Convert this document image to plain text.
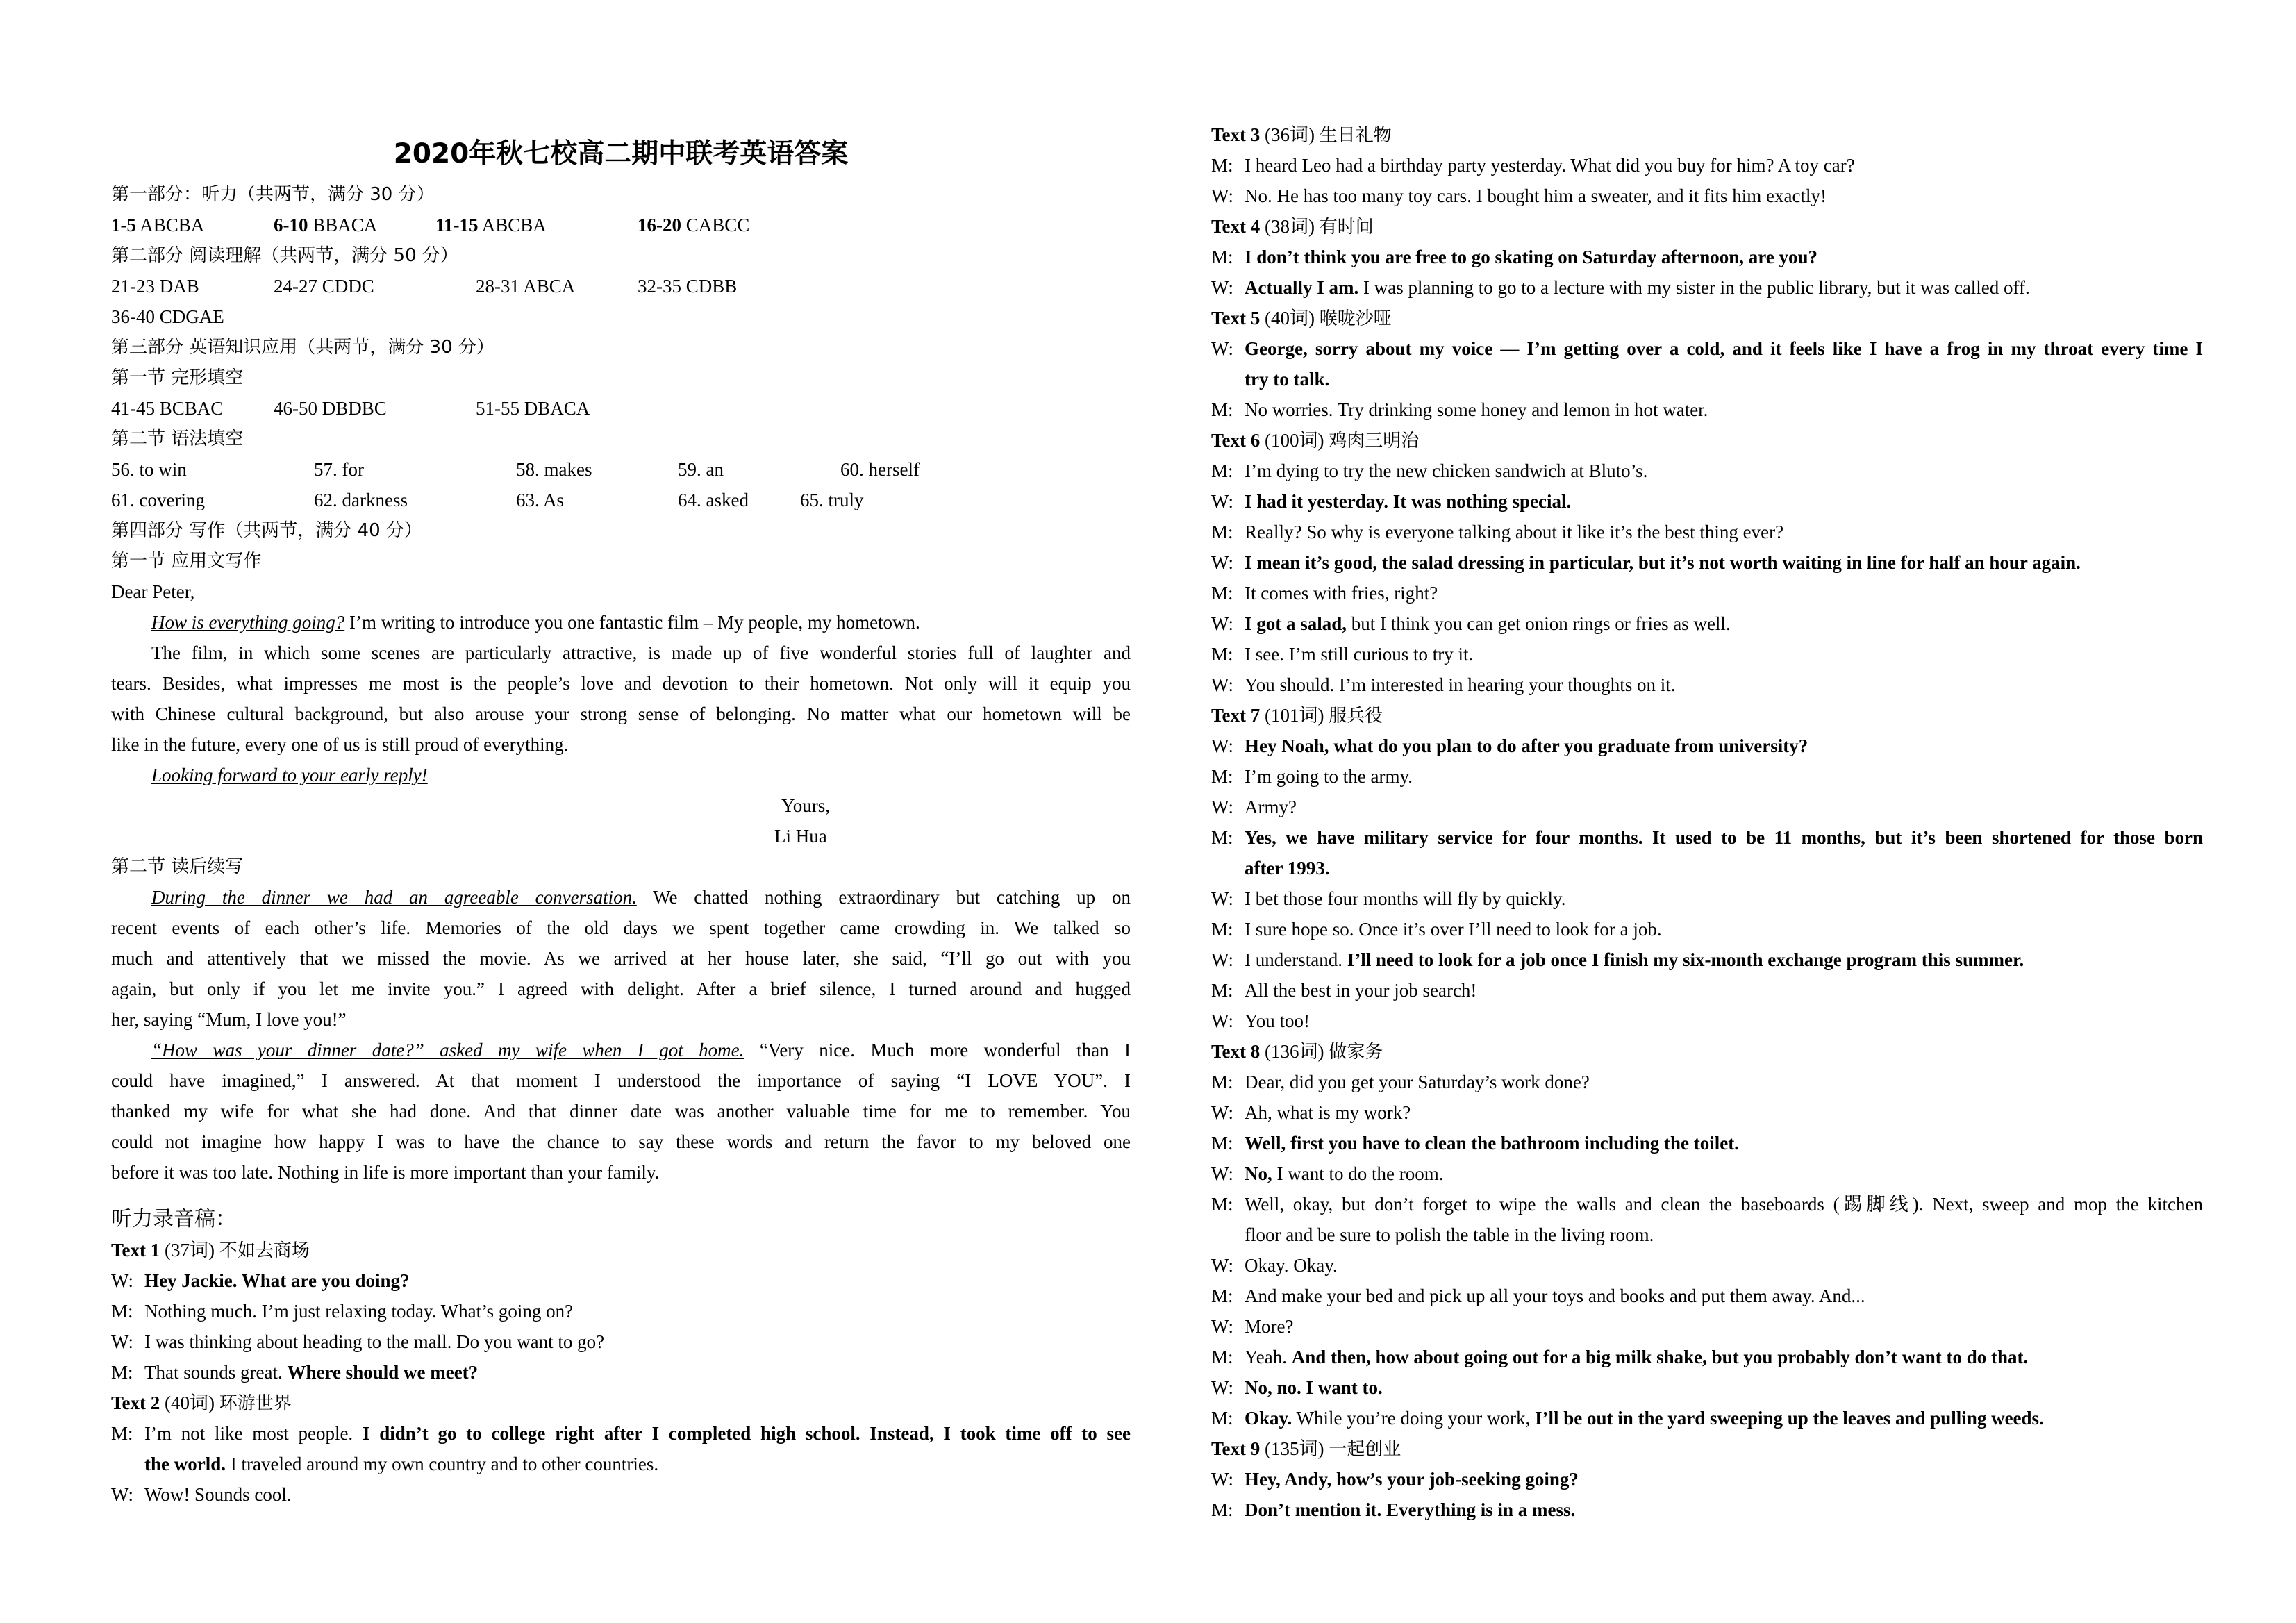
2020年秋七校高二期中联考英语答案
第一部分：听力（共两节，满分 30 分）
1-5 ABCBA	6-10 BBACA	11-15 ABCBA	16-20 CABCC
第二部分 阅读理解（共两节，满分 50 分）
21-23 DAB	24-27 CDDC	28-31 ABCA	32-35 CDBB
36-40 CDGAE
第三部分 英语知识应用（共两节，满分 30 分）
第一节 完形填空
41-45 BCBAC	46-50 DBDBC	51-55 DBACA
第二节 语法填空
56. to win	57. for	58. makes	59. an	60. herself
61. covering	62. darkness	63. As	64. asked	65. truly
第四部分 写作（共两节，满分 40 分）
第一节 应用文写作
Dear Peter,
How is everything going? I’m writing to introduce you one fantastic film – My people, my hometown.
The film, in which some scenes are particularly attractive, is made up of five wonderful stories full of laughter and
tears. Besides, what impresses me most is the people’s love and devotion to their hometown. Not only will it equip you
with Chinese cultural background, but also arouse your strong sense of belonging. No matter what our hometown will be
like in the future, every one of us is still proud of everything.
Looking forward to your early reply!
Yours,
Li Hua
第二节 读后续写
During the dinner we had an agreeable conversation. We chatted nothing extraordinary but catching up on
recent events of each other’s life. Memories of the old days we spent together came crowding in. We talked so
much and attentively that we missed the movie. As we arrived at her house later, she said, “I’ll go out with you
again, but only if you let me invite you.” I agreed with delight. After a brief silence, I turned around and hugged
her, saying “Mum, I love you!”
“How was your dinner date?” asked my wife when I got home. “Very nice. Much more wonderful than I
could have imagined,” I answered. At that moment I understood the importance of saying “I LOVE YOU”. I
thanked my wife for what she had done. And that dinner date was another valuable time for me to remember. You
could not imagine how happy I was to have the chance to say these words and return the favor to my beloved one
before it was too late. Nothing in life is more important than your family.
听力录音稿：
Text 1 (37词) 不如去商场
W: Hey Jackie. What are you doing?
M: Nothing much. I’m just relaxing today. What’s going on?
W: I was thinking about heading to the mall. Do you want to go?
M: That sounds great. Where should we meet?
Text 2 (40词) 环游世界
M: I’m not like most people. I didn’t go to college right after I completed high school. Instead, I took time off to see
the world. I traveled around my own country and to other countries.
W: Wow! Sounds cool.
Text 3 (36词) 生日礼物
M: I heard Leo had a birthday party yesterday. What did you buy for him? A toy car?
W: No. He has too many toy cars. I bought him a sweater, and it fits him exactly!
Text 4 (38词) 有时间
M: I don’t think you are free to go skating on Saturday afternoon, are you?
W: Actually I am. I was planning to go to a lecture with my sister in the public library, but it was called off.
Text 5 (40词) 喉咙沙哑
W: George, sorry about my voice — I’m getting over a cold, and it feels like I have a frog in my throat every time I
try to talk.
M: No worries. Try drinking some honey and lemon in hot water.
Text 6 (100词) 鸡肉三明治
M: I’m dying to try the new chicken sandwich at Bluto’s.
W: I had it yesterday. It was nothing special.
M: Really? So why is everyone talking about it like it’s the best thing ever?
W: I mean it’s good, the salad dressing in particular, but it’s not worth waiting in line for half an hour again.
M: It comes with fries, right?
W: I got a salad, but I think you can get onion rings or fries as well.
M: I see. I’m still curious to try it.
W: You should. I’m interested in hearing your thoughts on it.
Text 7 (101词) 服兵役
W: Hey Noah, what do you plan to do after you graduate from university?
M: I’m going to the army.
W: Army?
M: Yes, we have military service for four months. It used to be 11 months, but it’s been shortened for those born
after 1993.
W: I bet those four months will fly by quickly.
M: I sure hope so. Once it’s over I’ll need to look for a job.
W: I understand. I’ll need to look for a job once I finish my six-month exchange program this summer.
M: All the best in your job search!
W: You too!
Text 8 (136词) 做家务
M: Dear, did you get your Saturday’s work done?
W: Ah, what is my work?
M: Well, first you have to clean the bathroom including the toilet.
W: No, I want to do the room.
M: Well, okay, but don’t forget to wipe the walls and clean the baseboards (踢脚线). Next, sweep and mop the kitchen
floor and be sure to polish the table in the living room.
W: Okay. Okay.
M: And make your bed and pick up all your toys and books and put them away. And...
W: More?
M: Yeah. And then, how about going out for a big milk shake, but you probably don’t want to do that.
W: No, no. I want to.
M: Okay. While you’re doing your work, I’ll be out in the yard sweeping up the leaves and pulling weeds.
Text 9 (135词) 一起创业
W: Hey, Andy, how’s your job-seeking going?
M: Don’t mention it. Everything is in a mess.
